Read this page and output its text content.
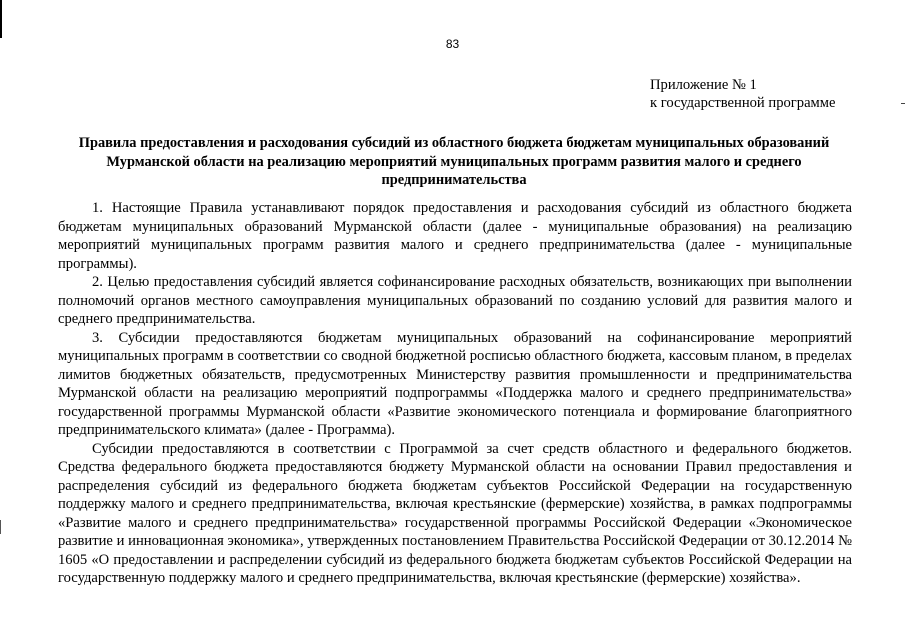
83
Приложение № 1
к государственной программе
Правила предоставления и расходования субсидий из областного бюджета бюджетам муниципальных образований Мурманской области на реализацию мероприятий муниципальных программ развития малого и среднего предпринимательства

1. Настоящие Правила устанавливают порядок предоставления и расходования субсидий из областного бюджета бюджетам муниципальных образований Мурманской области (далее - муниципальные образования) на реализацию мероприятий муниципальных программ развития малого и среднего предпринимательства (далее - муниципальные программы).

2. Целью предоставления субсидий является софинансирование расходных обязательств, возникающих при выполнении полномочий органов местного самоуправления муниципальных образований по созданию условий для развития малого и среднего предпринимательства.

3. Субсидии предоставляются бюджетам муниципальных образований на софинансирование мероприятий муниципальных программ в соответствии со сводной бюджетной росписью областного бюджета, кассовым планом, в пределах лимитов бюджетных обязательств, предусмотренных Министерству развития промышленности и предпринимательства Мурманской области на реализацию мероприятий подпрограммы «Поддержка малого и среднего предпринимательства» государственной программы Мурманской области «Развитие экономического потенциала и формирование благоприятного предпринимательского климата» (далее - Программа).

Субсидии предоставляются в соответствии с Программой за счет средств областного и федерального бюджетов. Средства федерального бюджета предоставляются бюджету Мурманской области на основании Правил предоставления и распределения субсидий из федерального бюджета бюджетам субъектов Российской Федерации на государственную поддержку малого и среднего предпринимательства, включая крестьянские (фермерские) хозяйства, в рамках подпрограммы «Развитие малого и среднего предпринимательства» государственной программы Российской Федерации «Экономическое развитие и инновационная экономика», утвержденных постановлением Правительства Российской Федерации от 30.12.2014 № 1605 «О предоставлении и распределении субсидий из федерального бюджета бюджетам субъектов Российской Федерации на государственную поддержку малого и среднего предпринимательства, включая крестьянские (фермерские) хозяйства».
